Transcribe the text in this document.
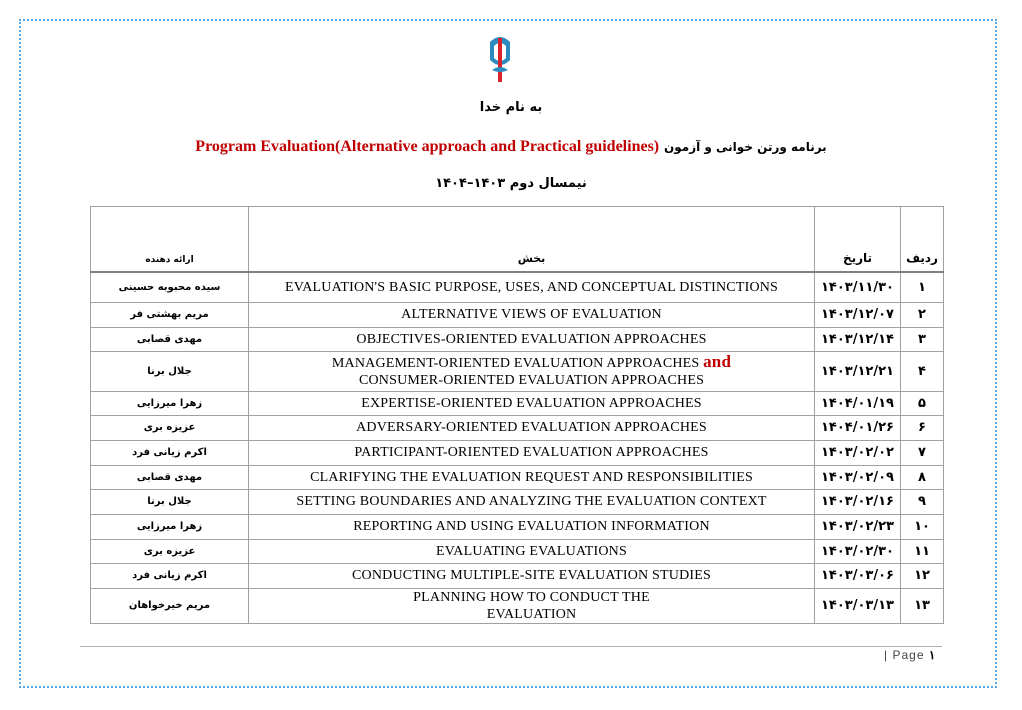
به نام خدا
برنامه ورتن خوانی و آزمون Program Evaluation(Alternative approach and Practical guidelines)
نیمسال دوم ۱۴۰۳–۱۴۰۴
ارائه دهنده	بخش	تاریخ	ردیف
سیده محبوبه حسینی	EVALUATION'S BASIC PURPOSE, USES, AND CONCEPTUAL DISTINCTIONS	۱۴۰۳/۱۱/۳۰	۱
مریم بهشتی فر	ALTERNATIVE VIEWS OF EVALUATION	۱۴۰۳/۱۲/۰۷	۲
مهدی قصابی	OBJECTIVES-ORIENTED EVALUATION APPROACHES	۱۴۰۳/۱۲/۱۴	۳
جلال برنا	MANAGEMENT-ORIENTED EVALUATION APPROACHES and
CONSUMER-ORIENTED EVALUATION APPROACHES	۱۴۰۳/۱۲/۲۱	۴
زهرا میرزایی	EXPERTISE-ORIENTED EVALUATION APPROACHES	۱۴۰۴/۰۱/۱۹	۵
عزیزه بری	ADVERSARY-ORIENTED EVALUATION APPROACHES	۱۴۰۴/۰۱/۲۶	۶
اکرم زیانی فرد	PARTICIPANT-ORIENTED EVALUATION APPROACHES	۱۴۰۳/۰۲/۰۲	۷
مهدی قصابی	CLARIFYING THE EVALUATION REQUEST AND RESPONSIBILITIES	۱۴۰۳/۰۲/۰۹	۸
جلال برنا	SETTING BOUNDARIES AND ANALYZING THE EVALUATION CONTEXT	۱۴۰۳/۰۲/۱۶	۹
زهرا میرزایی	REPORTING AND USING EVALUATION INFORMATION	۱۴۰۳/۰۲/۲۳	۱۰
عزیزه بری	EVALUATING EVALUATIONS	۱۴۰۳/۰۲/۳۰	۱۱
اکرم زیانی فرد	CONDUCTING MULTIPLE-SITE EVALUATION STUDIES	۱۴۰۳/۰۳/۰۶	۱۲
مریم خیرخواهان	PLANNING HOW TO CONDUCT THE
EVALUATION	۱۴۰۳/۰۳/۱۳	۱۳
| Page ۱
